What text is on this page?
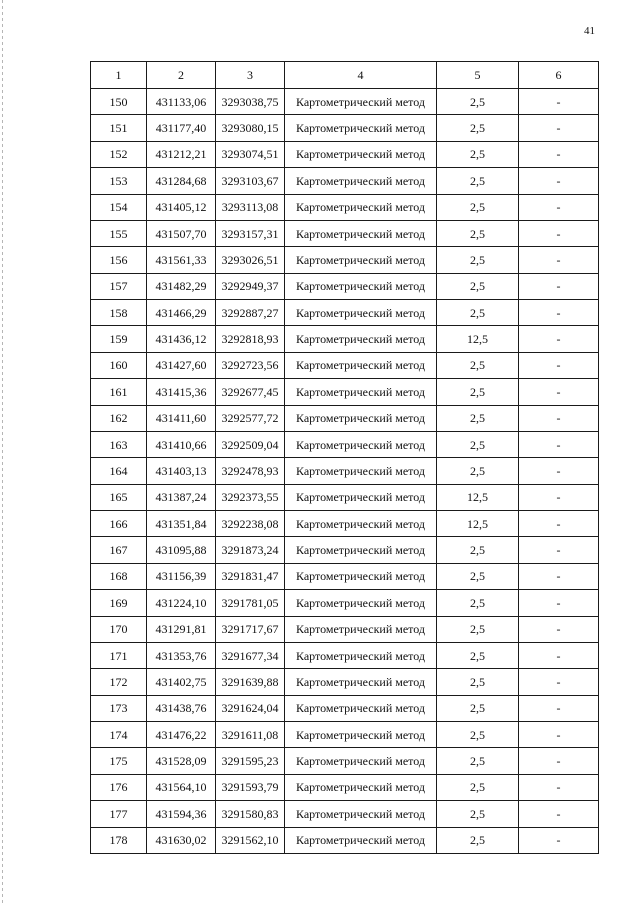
41
1	2	3	4	5	6
150	431133,06	3293038,75	Картометрический метод	2,5	-
151	431177,40	3293080,15	Картометрический метод	2,5	-
152	431212,21	3293074,51	Картометрический метод	2,5	-
153	431284,68	3293103,67	Картометрический метод	2,5	-
154	431405,12	3293113,08	Картометрический метод	2,5	-
155	431507,70	3293157,31	Картометрический метод	2,5	-
156	431561,33	3293026,51	Картометрический метод	2,5	-
157	431482,29	3292949,37	Картометрический метод	2,5	-
158	431466,29	3292887,27	Картометрический метод	2,5	-
159	431436,12	3292818,93	Картометрический метод	12,5	-
160	431427,60	3292723,56	Картометрический метод	2,5	-
161	431415,36	3292677,45	Картометрический метод	2,5	-
162	431411,60	3292577,72	Картометрический метод	2,5	-
163	431410,66	3292509,04	Картометрический метод	2,5	-
164	431403,13	3292478,93	Картометрический метод	2,5	-
165	431387,24	3292373,55	Картометрический метод	12,5	-
166	431351,84	3292238,08	Картометрический метод	12,5	-
167	431095,88	3291873,24	Картометрический метод	2,5	-
168	431156,39	3291831,47	Картометрический метод	2,5	-
169	431224,10	3291781,05	Картометрический метод	2,5	-
170	431291,81	3291717,67	Картометрический метод	2,5	-
171	431353,76	3291677,34	Картометрический метод	2,5	-
172	431402,75	3291639,88	Картометрический метод	2,5	-
173	431438,76	3291624,04	Картометрический метод	2,5	-
174	431476,22	3291611,08	Картометрический метод	2,5	-
175	431528,09	3291595,23	Картометрический метод	2,5	-
176	431564,10	3291593,79	Картометрический метод	2,5	-
177	431594,36	3291580,83	Картометрический метод	2,5	-
178	431630,02	3291562,10	Картометрический метод	2,5	-
